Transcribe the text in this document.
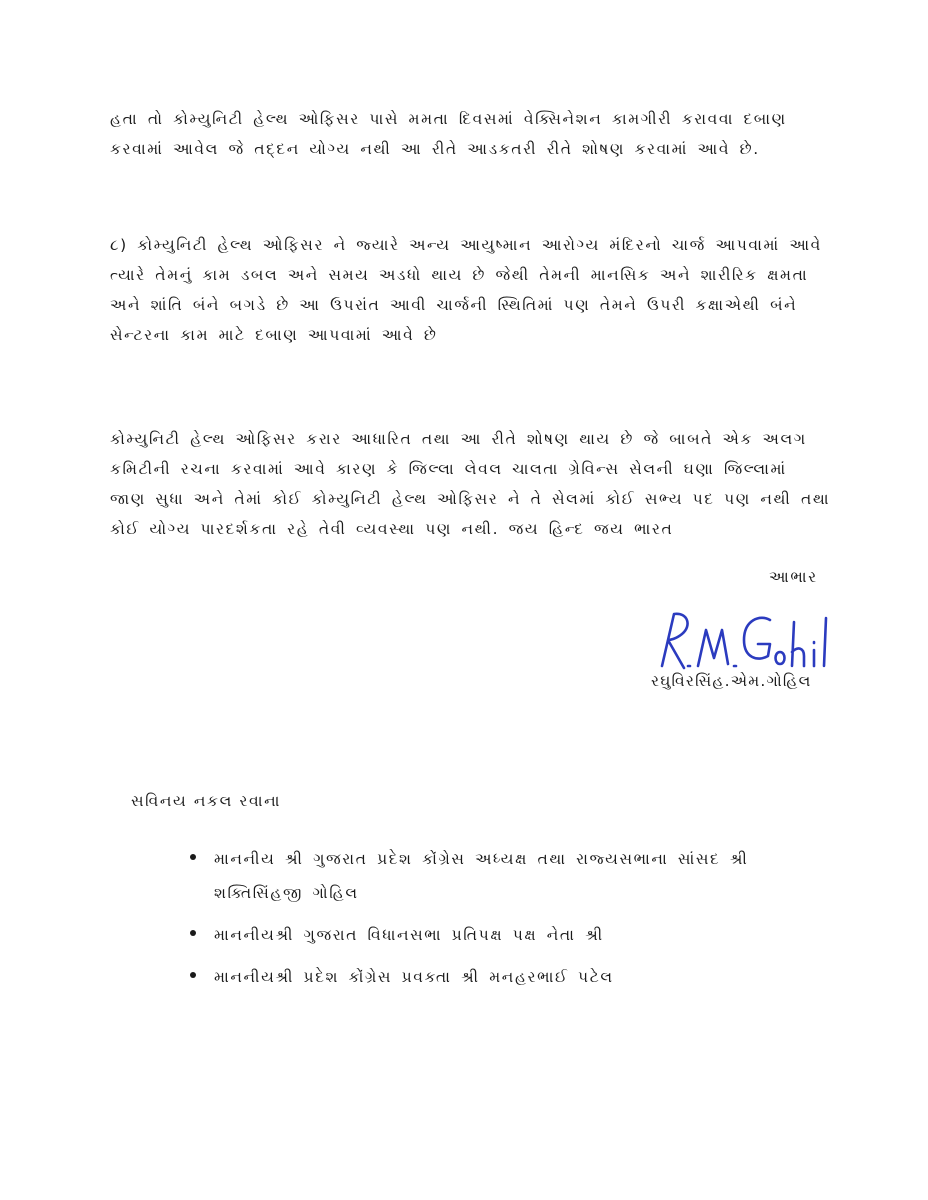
હતા તો કોમ્યુનિટી હેલ્થ ઓફિસર પાસે મમતા દિવસમાં વેક્સિનેશન કામગીરી કરાવવા દબાણ
કરવામાં આવેલ જે તદ્દન યોગ્ય નથી આ રીતે આડકતરી રીતે શોષણ કરવામાં આવે છે.
૮) કોમ્યુનિટી હેલ્થ ઓફિસર ને જ્યારે અન્ય આયુષ્માન આરોગ્ય મંદિરનો ચાર્જ આપવામાં આવે
ત્યારે તેમનું કામ ડબલ અને સમય અડધો થાય છે જેથી તેમની માનસિક અને શારીરિક ક્ષમતા
અને શાંતિ બંને બગડે છે આ ઉપરાંત આવી ચાર્જની સ્થિતિમાં પણ તેમને ઉપરી કક્ષાએથી બંને
સેન્ટરના કામ માટે દબાણ આપવામાં આવે છે
કોમ્યુનિટી હેલ્થ ઓફિસર કરાર આધારિત તથા આ રીતે શોષણ થાય છે જે બાબતે એક અલગ
કમિટીની રચના કરવામાં આવે કારણ કે જિલ્લા લેવલ ચાલતા ગ્રેવિન્સ સેલની ઘણા જિલ્લામાં
જાણ સુધા અને તેમાં કોઈ કોમ્યુનિટી હેલ્થ ઓફિસર ને તે સેલમાં કોઈ સભ્ય પદ પણ નથી તથા
કોઈ યોગ્ય પારદર્શકતા રહે તેવી વ્યવસ્થા પણ નથી. જય હિન્દ જય ભારત
આભાર
રઘુવિરસિંહ.એમ.ગોહિલ
સવિનય નકલ રવાના
માનનીય શ્રી ગુજરાત પ્રદેશ કોંગ્રેસ અધ્યક્ષ તથા રાજ્યસભાના સાંસદ શ્રી
શક્તિસિંહજી ગોહિલ
માનનીયશ્રી ગુજરાત વિધાનસભા પ્રતિપક્ષ પક્ષ નેતા શ્રી
માનનીયશ્રી પ્રદેશ કોંગ્રેસ પ્રવક્તા શ્રી મનહરભાઈ પટેલ
